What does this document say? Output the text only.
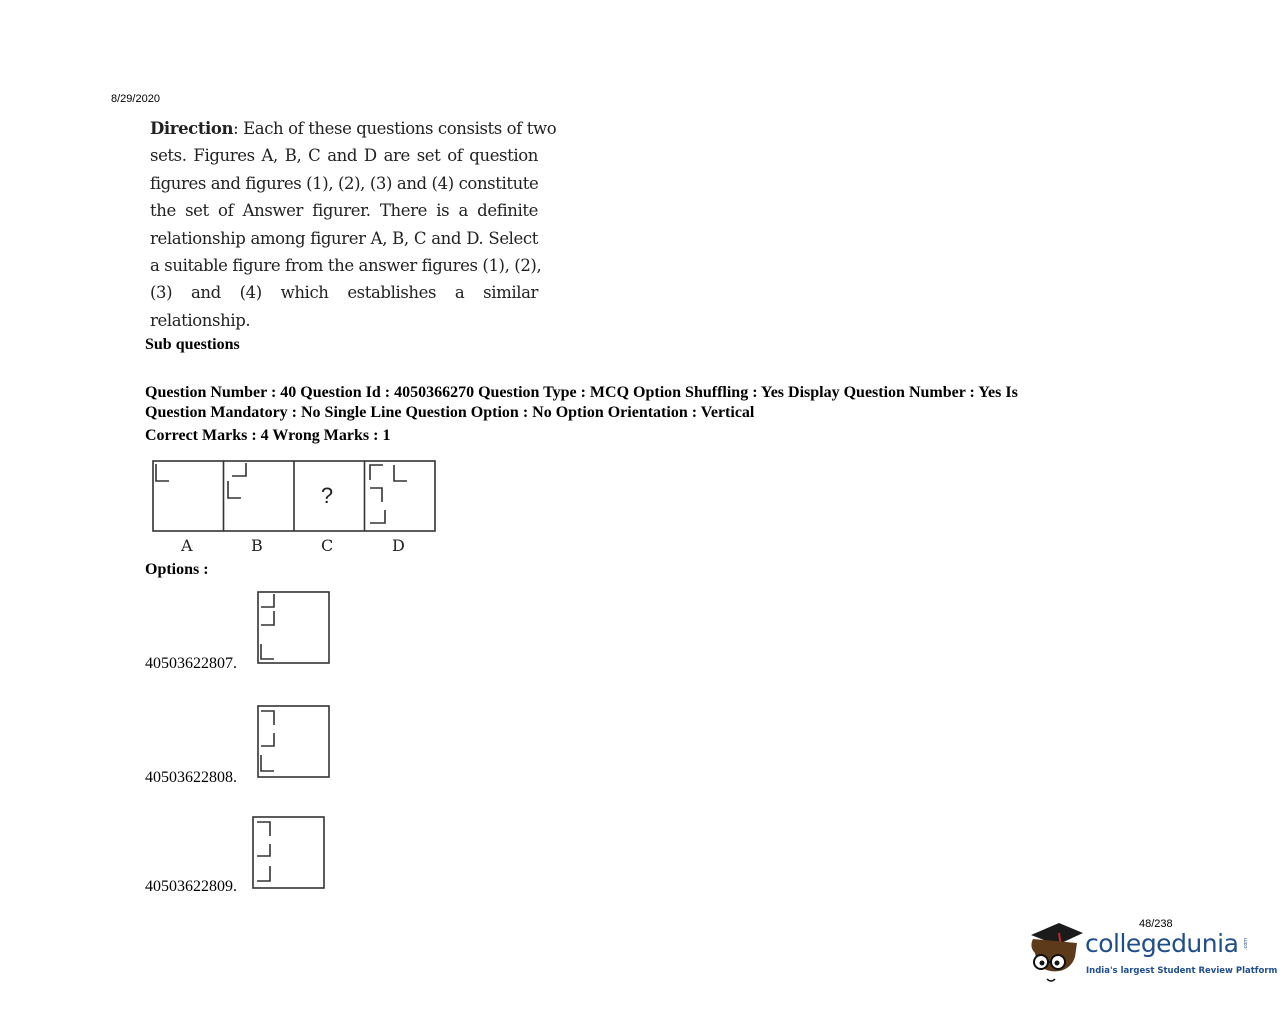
8/29/2020
Direction: Each of these questions consists of two
sets. Figures A, B, C and D are set of question
figures and figures (1), (2), (3) and (4) constitute
the set of Answer figurer. There is a definite
relationship among figurer A, B, C and D. Select
a suitable figure from the answer figures (1), (2),
(3) and (4) which establishes a similar
relationship.
Sub questions
Question Number : 40 Question Id : 4050366270 Question Type : MCQ Option Shuffling : Yes Display Question Number : Yes Is
Question Mandatory : No Single Line Question Option : No Option Orientation : Vertical
Correct Marks : 4 Wrong Marks : 1
?
A	B	C	D
Options :
40503622807.
40503622808.
40503622809.
48/238
collegedunia .com
India's largest Student Review Platform
